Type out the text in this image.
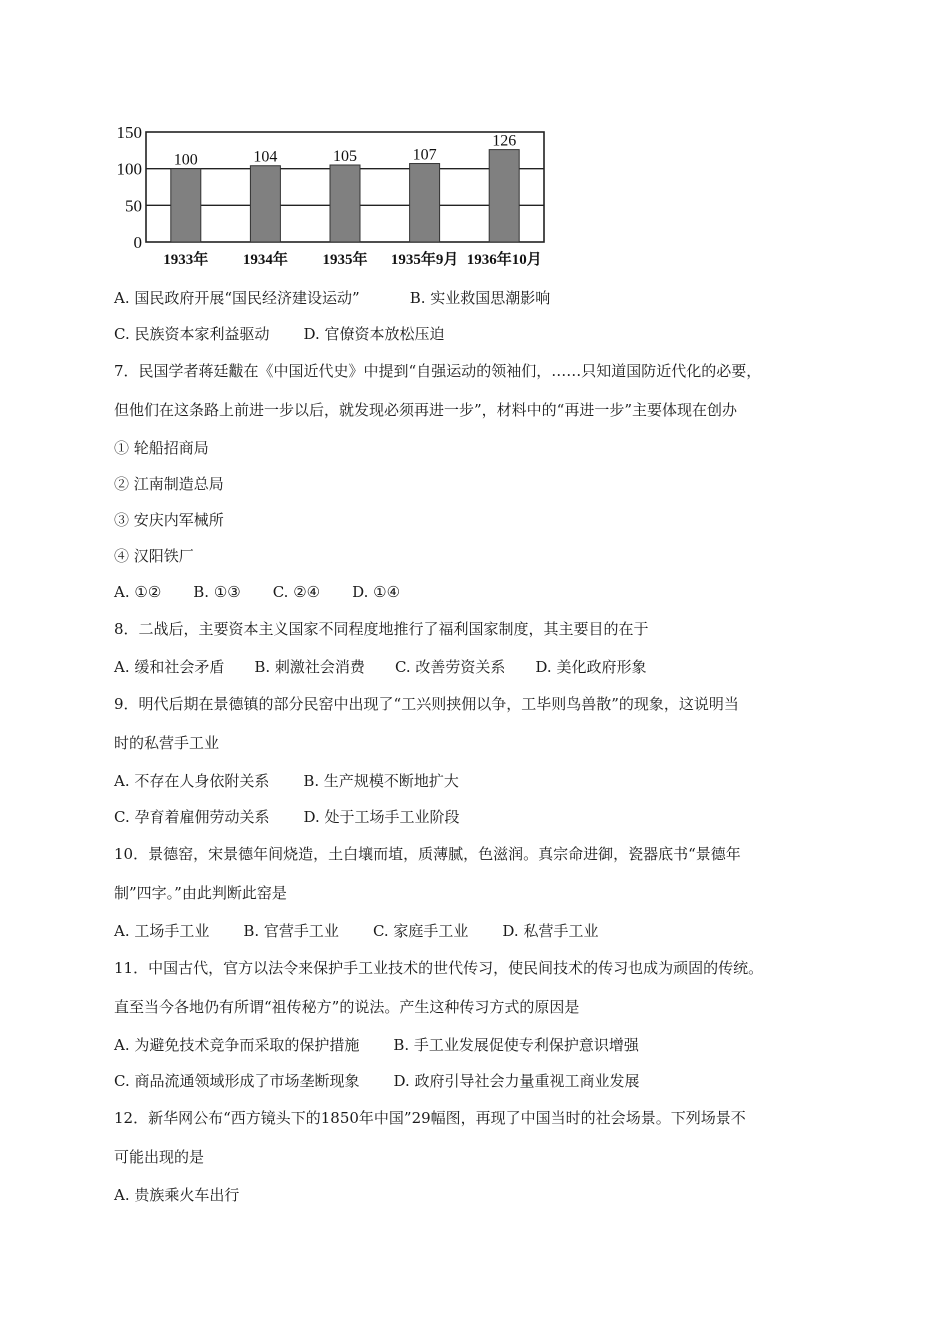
0
50
100
150
100	104	105	107
126
1933年 1934年 1935年 1935年9月 1936年10月
A. 国民政府开展“国民经济建设运动”	B. 实业救国思潮影响
C. 民族资本家利益驱动 D. 官僚资本放松压迫
7．民国学者蒋廷黻在《中国近代史》中提到“自强运动的领袖们，……只知道国防近代化的必要，
但他们在这条路上前进一步以后，就发现必须再进一步”，材料中的“再进一步”主要体现在创办
① 轮船招商局
② 江南制造总局
③ 安庆内军械所
④ 汉阳铁厂
A. ①② B. ①③ C. ②④ D. ①④
8．二战后，主要资本主义国家不同程度地推行了福利国家制度，其主要目的在于
A. 缓和社会矛盾 B. 刺激社会消费 C. 改善劳资关系 D. 美化政府形象
9．明代后期在景德镇的部分民窑中出现了“工兴则挟佣以争，工毕则鸟兽散”的现象，这说明当
时的私营手工业
A. 不存在人身依附关系 B. 生产规模不断地扩大
C. 孕育着雇佣劳动关系 D. 处于工场手工业阶段
10．景德窑，宋景德年间烧造，土白壤而埴，质薄腻，色滋润。真宗命进御，瓷器底书“景德年
制”四字。”由此判断此窑是
A. 工场手工业 B. 官营手工业 C. 家庭手工业 D. 私营手工业
11．中国古代，官方以法令来保护手工业技术的世代传习，使民间技术的传习也成为顽固的传统。
直至当今各地仍有所谓“祖传秘方”的说法。产生这种传习方式的原因是
A. 为避免技术竞争而采取的保护措施 B. 手工业发展促使专利保护意识增强
C. 商品流通领域形成了市场垄断现象 D. 政府引导社会力量重视工商业发展
12．新华网公布“西方镜头下的1850年中国”29幅图，再现了中国当时的社会场景。下列场景不
可能出现的是
A. 贵族乘火车出行
